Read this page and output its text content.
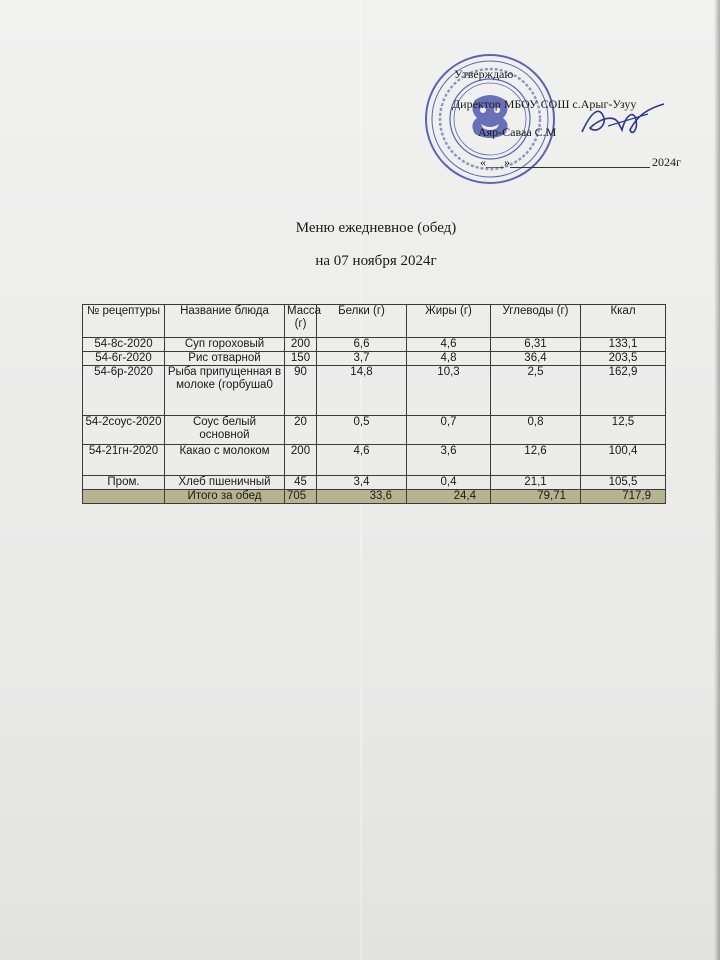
Утверждаю
Директор МБОУ СОШ с.Арыг-Узуу
Аяр-Саваа С.М
«___»	2024г
Меню ежедневное (обед)
на 07 ноября 2024г
№ рецептуры	Название блюда	Масса (г)	Белки (г)	Жиры (г)	Углеводы (г)	Ккал
54-8с-2020	Суп гороховый	200	6,6	4,6	6,31	133,1
54-6г-2020	Рис отварной	150	3,7	4,8	36,4	203,5
54-6р-2020	Рыба припущенная в молоке (горбуша0	90	14,8	10,3	2,5	162,9
54-2соус-2020	Соус белый основной	20	0,5	0,7	0,8	12,5
54-21гн-2020	Какао с молоком	200	4,6	3,6	12,6	100,4
Пром.	Хлеб пшеничный	45	3,4	0,4	21,1	105,5
	Итого за обед	705	33,6	24,4	79,71	717,9
